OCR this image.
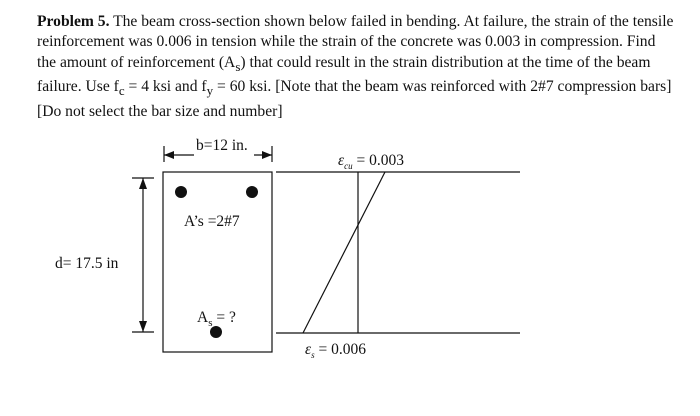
Problem 5. The beam cross-section shown below failed in bending. At failure, the strain of the tensile reinforcement was 0.006 in tension while the strain of the concrete was 0.003 in compression. Find the amount of reinforcement $(A_s)$ that could result in the strain distribution at the time of the beam failure. Use $f_c = 4$ ksi and $f_y = 60$ ksi. [Note that the beam was reinforced with 2#7 compression bars] [Do not select the bar size and number]

b=12 in.
d= 17.5 in
A’s =2#7
$A_s$ = ?
$\varepsilon_{cu} = 0.003$
$\varepsilon_s = 0.006$
